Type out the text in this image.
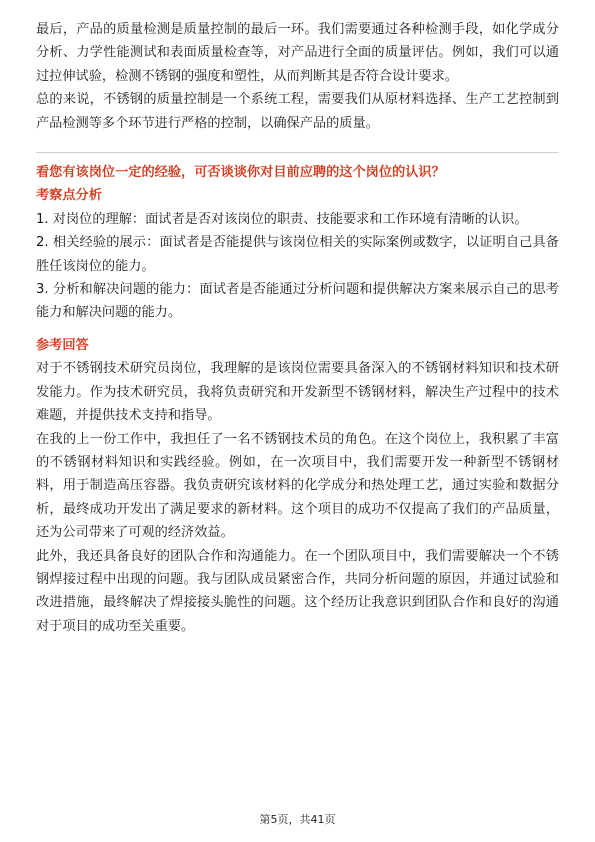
最后，产品的质量检测是质量控制的最后一环。我们需要通过各种检测手段，如化学成分分析、力学性能测试和表面质量检查等，对产品进行全面的质量评估。例如，我们可以通过拉伸试验，检测不锈钢的强度和塑性，从而判断其是否符合设计要求。

总的来说，不锈钢的质量控制是一个系统工程，需要我们从原材料选择、生产工艺控制到产品检测等多个环节进行严格的控制，以确保产品的质量。

看您有该岗位一定的经验，可否谈谈你对目前应聘的这个岗位的认识？
考察点分析

1. 对岗位的理解：面试者是否对该岗位的职责、技能要求和工作环境有清晰的认识。

2. 相关经验的展示：面试者是否能提供与该岗位相关的实际案例或数字，以证明自己具备胜任该岗位的能力。

3. 分析和解决问题的能力：面试者是否能通过分析问题和提供解决方案来展示自己的思考能力和解决问题的能力。

参考回答

对于不锈钢技术研究员岗位，我理解的是该岗位需要具备深入的不锈钢材料知识和技术研发能力。作为技术研究员，我将负责研究和开发新型不锈钢材料，解决生产过程中的技术难题，并提供技术支持和指导。

在我的上一份工作中，我担任了一名不锈钢技术员的角色。在这个岗位上，我积累了丰富的不锈钢材料知识和实践经验。例如，在一次项目中，我们需要开发一种新型不锈钢材料，用于制造高压容器。我负责研究该材料的化学成分和热处理工艺，通过实验和数据分析，最终成功开发出了满足要求的新材料。这个项目的成功不仅提高了我们的产品质量，还为公司带来了可观的经济效益。

此外，我还具备良好的团队合作和沟通能力。在一个团队项目中，我们需要解决一个不锈钢焊接过程中出现的问题。我与团队成员紧密合作，共同分析问题的原因，并通过试验和改进措施，最终解决了焊接接头脆性的问题。这个经历让我意识到团队合作和良好的沟通对于项目的成功至关重要。

第5页，共41页
